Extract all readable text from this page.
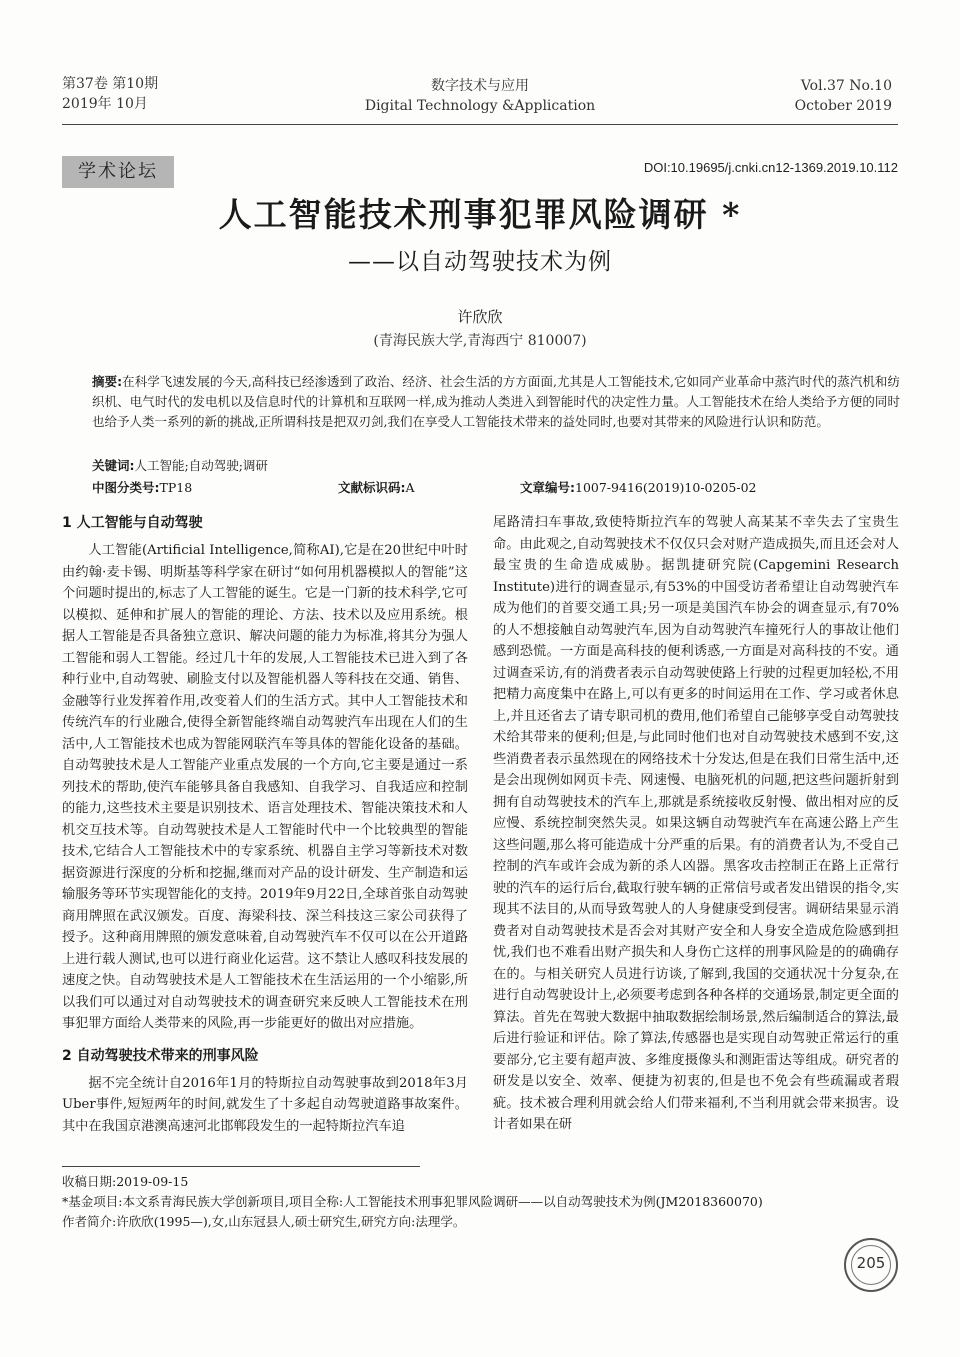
第37卷 第10期
2019年 10月
数字技术与应用
Digital Technology &Application
Vol.37 No.10
October 2019
学术论坛	DOI:10.19695/j.cnki.cn12-1369.2019.10.112
人工智能技术刑事犯罪风险调研 *
——以自动驾驶技术为例
许欣欣
(青海民族大学,青海西宁 810007)
摘要:在科学飞速发展的今天,高科技已经渗透到了政治、经济、社会生活的方方面面,尤其是人工智能技术,它如同产业革命中蒸汽时代的蒸汽机和纺织机、电气时代的发电机以及信息时代的计算机和互联网一样,成为推动人类进入到智能时代的决定性力量。人工智能技术在给人类给予方便的同时也给予人类一系列的新的挑战,正所谓科技是把双刃剑,我们在享受人工智能技术带来的益处同时,也要对其带来的风险进行认识和防范。
关键词:人工智能;自动驾驶;调研
中图分类号:TP18	文献标识码:A	文章编号:1007-9416(2019)10-0205-02
1 人工智能与自动驾驶

人工智能(Artificial Intelligence,简称AI),它是在20世纪中叶时由约翰·麦卡锡、明斯基等科学家在研讨“如何用机器模拟人的智能”这个问题时提出的,标志了人工智能的诞生。它是一门新的技术科学,它可以模拟、延伸和扩展人的智能的理论、方法、技术以及应用系统。根据人工智能是否具备独立意识、解决问题的能力为标准,将其分为强人工智能和弱人工智能。经过几十年的发展,人工智能技术已进入到了各种行业中,自动驾驶、刷脸支付以及智能机器人等科技在交通、销售、金融等行业发挥着作用,改变着人们的生活方式。其中人工智能技术和传统汽车的行业融合,使得全新智能终端自动驾驶汽车出现在人们的生活中,人工智能技术也成为智能网联汽车等具体的智能化设备的基础。自动驾驶技术是人工智能产业重点发展的一个方向,它主要是通过一系列技术的帮助,使汽车能够具备自我感知、自我学习、自我适应和控制的能力,这些技术主要是识别技术、语言处理技术、智能决策技术和人机交互技术等。自动驾驶技术是人工智能时代中一个比较典型的智能技术,它结合人工智能技术中的专家系统、机器自主学习等新技术对数据资源进行深度的分析和挖掘,继而对产品的设计研发、生产制造和运输服务等环节实现智能化的支持。2019年9月22日,全球首张自动驾驶商用牌照在武汉颁发。百度、海梁科技、深兰科技这三家公司获得了授予。这种商用牌照的颁发意味着,自动驾驶汽车不仅可以在公开道路上进行载人测试,也可以进行商业化运营。这不禁让人感叹科技发展的速度之快。自动驾驶技术是人工智能技术在生活运用的一个小缩影,所以我们可以通过对自动驾驶技术的调查研究来反映人工智能技术在刑事犯罪方面给人类带来的风险,再一步能更好的做出对应措施。

2 自动驾驶技术带来的刑事风险

据不完全统计自2016年1月的特斯拉自动驾驶事故到2018年3月Uber事件,短短两年的时间,就发生了十多起自动驾驶道路事故案件。其中在我国京港澳高速河北邯郸段发生的一起特斯拉汽车追

尾路清扫车事故,致使特斯拉汽车的驾驶人高某某不幸失去了宝贵生命。由此观之,自动驾驶技术不仅仅只会对财产造成损失,而且还会对人最宝贵的生命造成威胁。据凯捷研究院(Capgemini Research Institute)进行的调查显示,有53%的中国受访者希望让自动驾驶汽车成为他们的首要交通工具;另一项是美国汽车协会的调查显示,有70%的人不想接触自动驾驶汽车,因为自动驾驶汽车撞死行人的事故让他们感到恐慌。一方面是高科技的便利诱惑,一方面是对高科技的不安。通过调查采访,有的消费者表示自动驾驶使路上行驶的过程更加轻松,不用把精力高度集中在路上,可以有更多的时间运用在工作、学习或者休息上,并且还省去了请专职司机的费用,他们希望自己能够享受自动驾驶技术给其带来的便利;但是,与此同时他们也对自动驾驶技术感到不安,这些消费者表示虽然现在的网络技术十分发达,但是在我们日常生活中,还是会出现例如网页卡壳、网速慢、电脑死机的问题,把这些问题折射到拥有自动驾驶技术的汽车上,那就是系统接收反射慢、做出相对应的反应慢、系统控制突然失灵。如果这辆自动驾驶汽车在高速公路上产生这些问题,那么将可能造成十分严重的后果。有的消费者认为,不受自己控制的汽车或许会成为新的杀人凶器。黑客攻击控制正在路上正常行驶的汽车的运行后台,截取行驶车辆的正常信号或者发出错误的指令,实现其不法目的,从而导致驾驶人的人身健康受到侵害。调研结果显示消费者对自动驾驶技术是否会对其财产安全和人身安全造成危险感到担忧,我们也不难看出财产损失和人身伤亡这样的刑事风险是的的确确存在的。与相关研究人员进行访谈,了解到,我国的交通状况十分复杂,在进行自动驾驶设计上,必须要考虑到各种各样的交通场景,制定更全面的算法。首先在驾驶大数据中抽取数据绘制场景,然后编制适合的算法,最后进行验证和评估。除了算法,传感器也是实现自动驾驶正常运行的重要部分,它主要有超声波、多维度摄像头和测距雷达等组成。研究者的研发是以安全、效率、便捷为初衷的,但是也不免会有些疏漏或者瑕疵。技术被合理利用就会给人们带来福利,不当利用就会带来损害。设计者如果在研

收稿日期:2019-09-15
*基金项目:本文系青海民族大学创新项目,项目全称:人工智能技术刑事犯罪风险调研——以自动驾驶技术为例(JM2018360070)
作者简介:许欣欣(1995—),女,山东冠县人,硕士研究生,研究方向:法理学。
205
